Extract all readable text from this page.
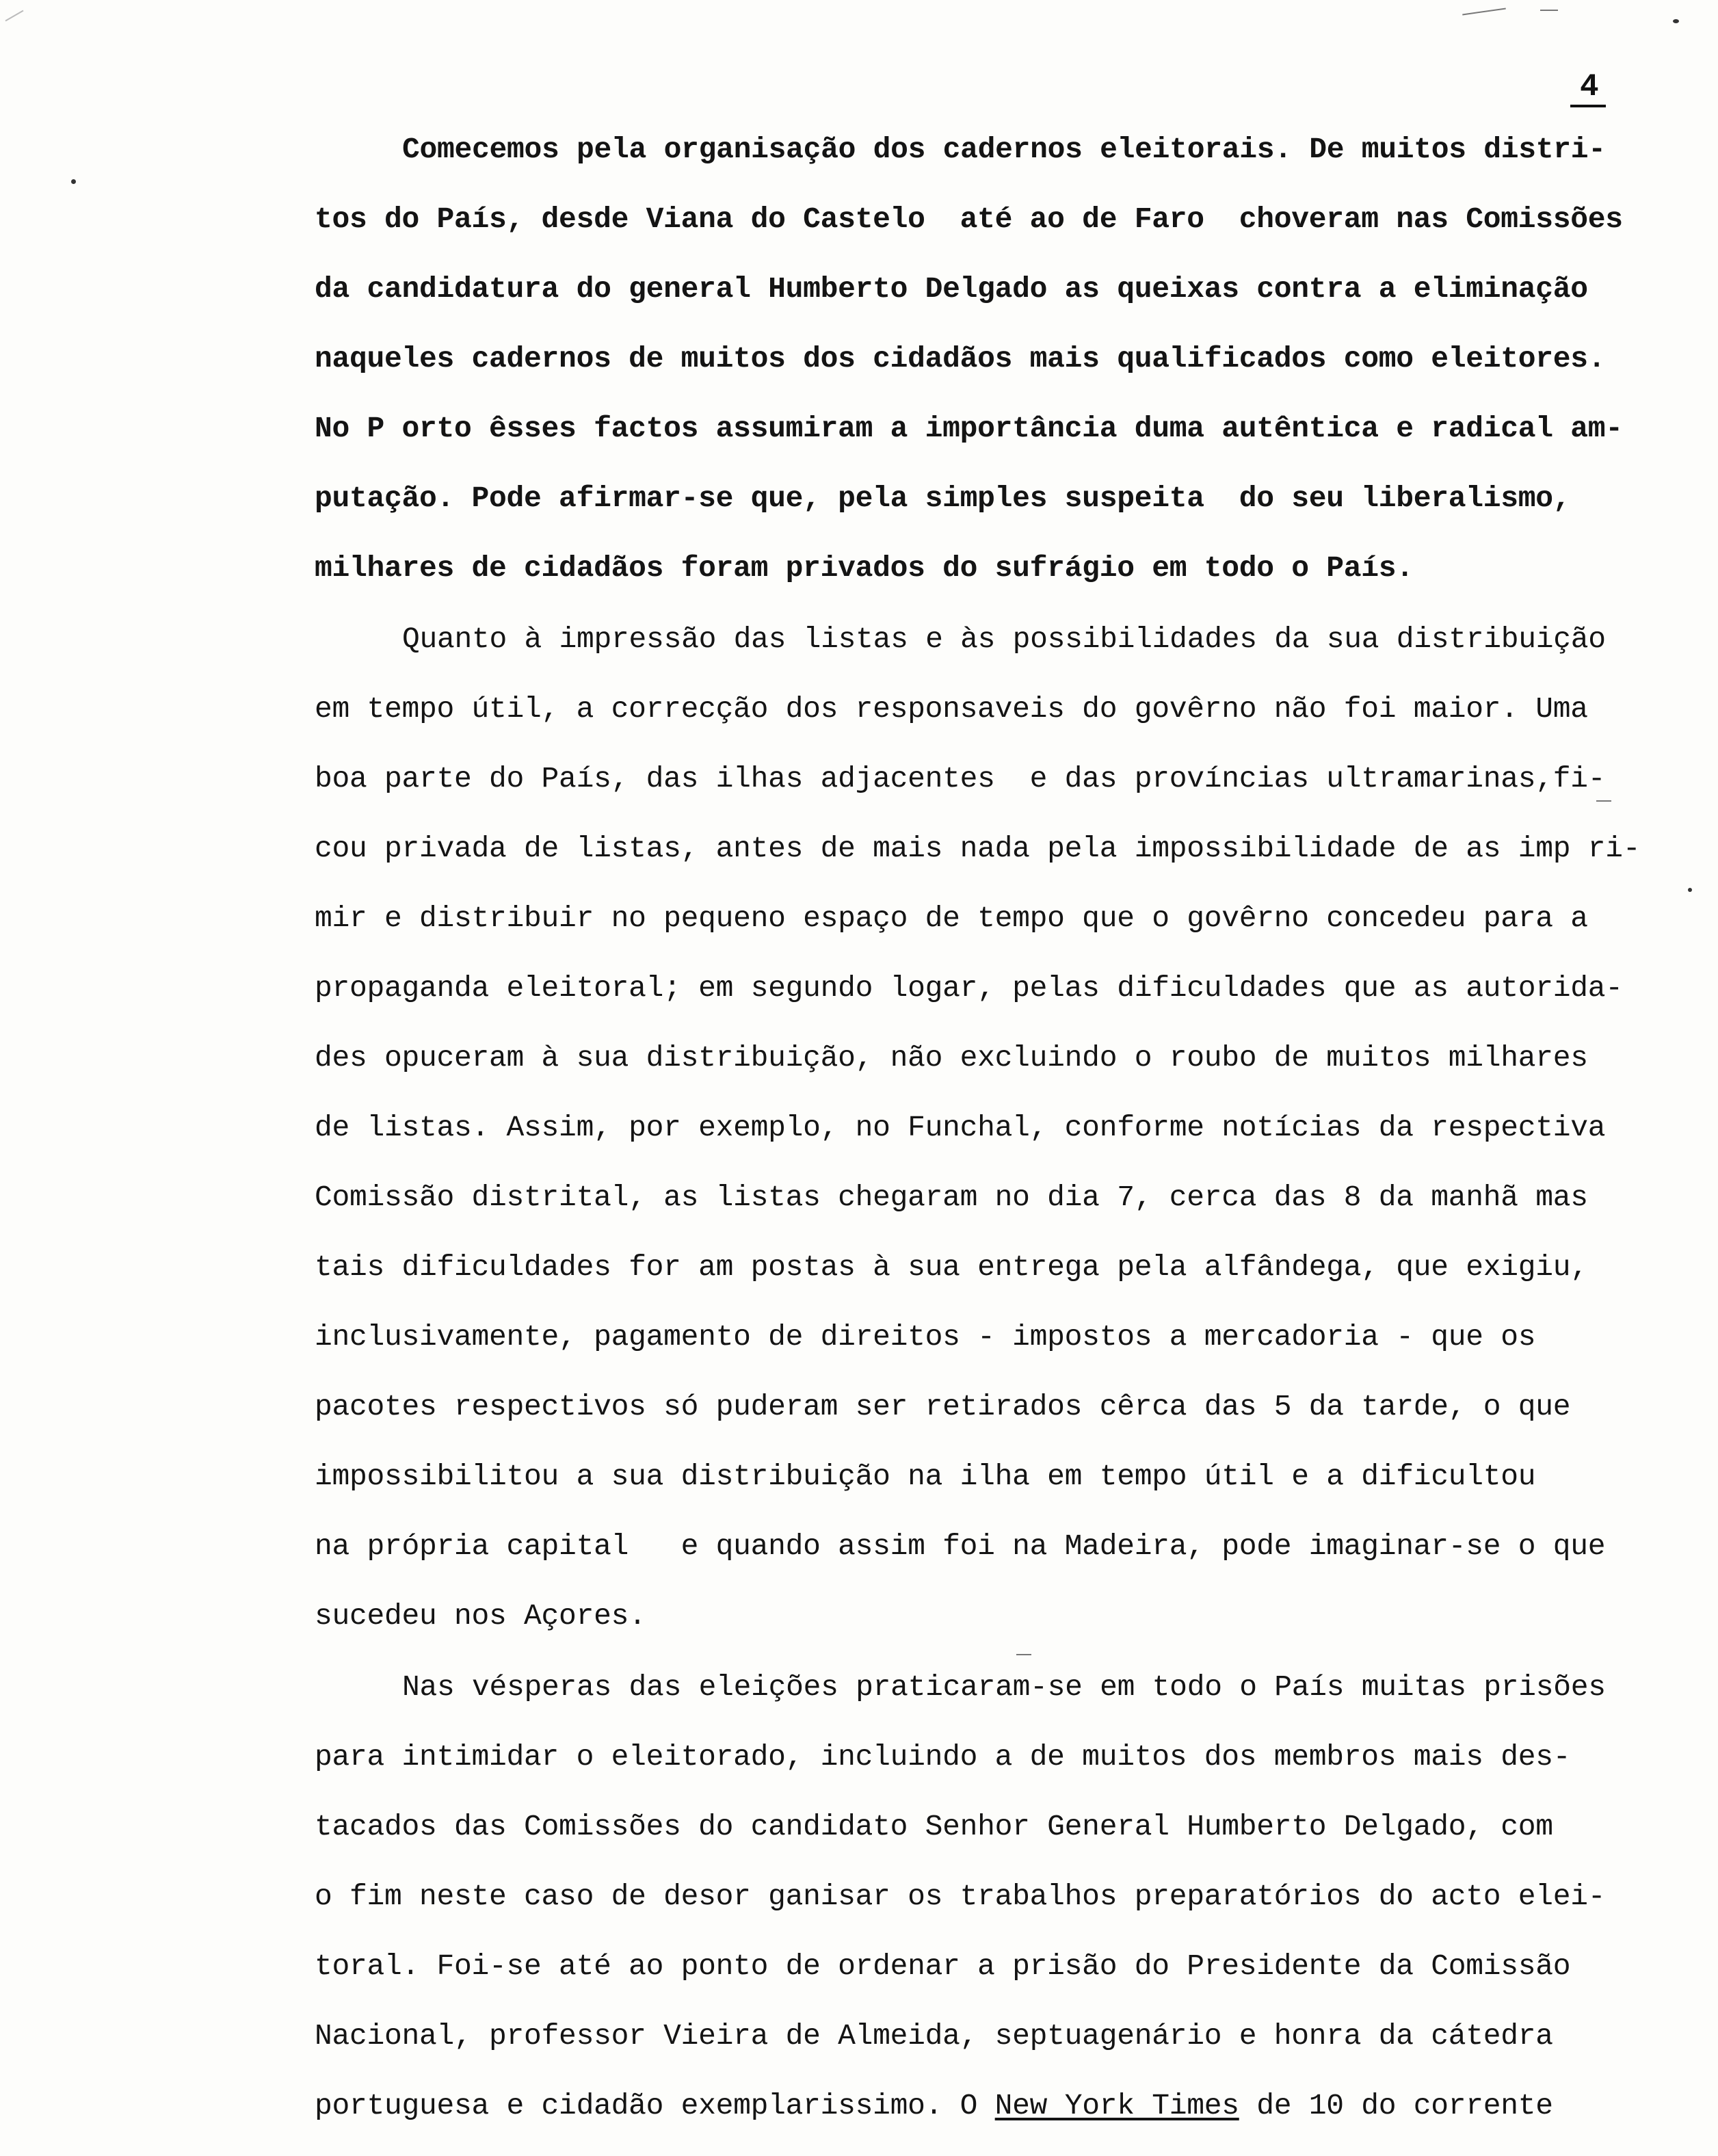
4
Comecemos pela organisação dos cadernos eleitorais. De muitos distri-
tos do País, desde Viana do Castelo  até ao de Faro  choveram nas Comissões
da candidatura do general Humberto Delgado as queixas contra a eliminação
naqueles cadernos de muitos dos cidadãos mais qualificados como eleitores.
No P orto êsses factos assumiram a importância duma autêntica e radical am-
putação. Pode afirmar-se que, pela simples suspeita  do seu liberalismo,
milhares de cidadãos foram privados do sufrágio em todo o País.
Quanto à impressão das listas e às possibilidades da sua distribuição
em tempo útil, a correcção dos responsaveis do govêrno não foi maior. Uma
boa parte do País, das ilhas adjacentes  e das províncias ultramarinas,fi-
cou privada de listas, antes de mais nada pela impossibilidade de as imp ri-
mir e distribuir no pequeno espaço de tempo que o govêrno concedeu para a
propaganda eleitoral; em segundo logar, pelas dificuldades que as autorida-
des opuceram à sua distribuição, não excluindo o roubo de muitos milhares
de listas. Assim, por exemplo, no Funchal, conforme notícias da respectiva
Comissão distrital, as listas chegaram no dia 7, cerca das 8 da manhã mas
tais dificuldades for am postas à sua entrega pela alfândega, que exigiu,
inclusivamente, pagamento de direitos - impostos a mercadoria - que os
pacotes respectivos só puderam ser retirados cêrca das 5 da tarde, o que
impossibilitou a sua distribuição na ilha em tempo útil e a dificultou
na própria capital   e quando assim foi na Madeira, pode imaginar-se o que
sucedeu nos Açores.
Nas vésperas das eleições praticaram-se em todo o País muitas prisões
para intimidar o eleitorado, incluindo a de muitos dos membros mais des-
tacados das Comissões do candidato Senhor General Humberto Delgado, com
o fim neste caso de desor ganisar os trabalhos preparatórios do acto elei-
toral. Foi-se até ao ponto de ordenar a prisão do Presidente da Comissão
Nacional, professor Vieira de Almeida, septuagenário e honra da cátedra
portuguesa e cidadão exemplarissimo. O New York Times de 10 do corrente
